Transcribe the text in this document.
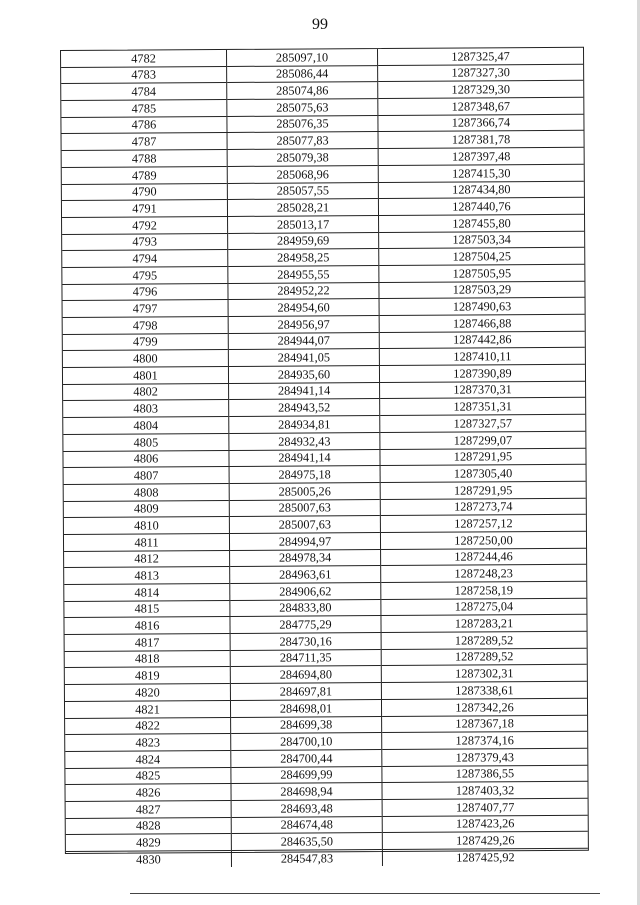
99
4782	285097,10	1287325,47
4783	285086,44	1287327,30
4784	285074,86	1287329,30
4785	285075,63	1287348,67
4786	285076,35	1287366,74
4787	285077,83	1287381,78
4788	285079,38	1287397,48
4789	285068,96	1287415,30
4790	285057,55	1287434,80
4791	285028,21	1287440,76
4792	285013,17	1287455,80
4793	284959,69	1287503,34
4794	284958,25	1287504,25
4795	284955,55	1287505,95
4796	284952,22	1287503,29
4797	284954,60	1287490,63
4798	284956,97	1287466,88
4799	284944,07	1287442,86
4800	284941,05	1287410,11
4801	284935,60	1287390,89
4802	284941,14	1287370,31
4803	284943,52	1287351,31
4804	284934,81	1287327,57
4805	284932,43	1287299,07
4806	284941,14	1287291,95
4807	284975,18	1287305,40
4808	285005,26	1287291,95
4809	285007,63	1287273,74
4810	285007,63	1287257,12
4811	284994,97	1287250,00
4812	284978,34	1287244,46
4813	284963,61	1287248,23
4814	284906,62	1287258,19
4815	284833,80	1287275,04
4816	284775,29	1287283,21
4817	284730,16	1287289,52
4818	284711,35	1287289,52
4819	284694,80	1287302,31
4820	284697,81	1287338,61
4821	284698,01	1287342,26
4822	284699,38	1287367,18
4823	284700,10	1287374,16
4824	284700,44	1287379,43
4825	284699,99	1287386,55
4826	284698,94	1287403,32
4827	284693,48	1287407,77
4828	284674,48	1287423,26
4829	284635,50	1287429,26
4830	284547,83	1287425,92
